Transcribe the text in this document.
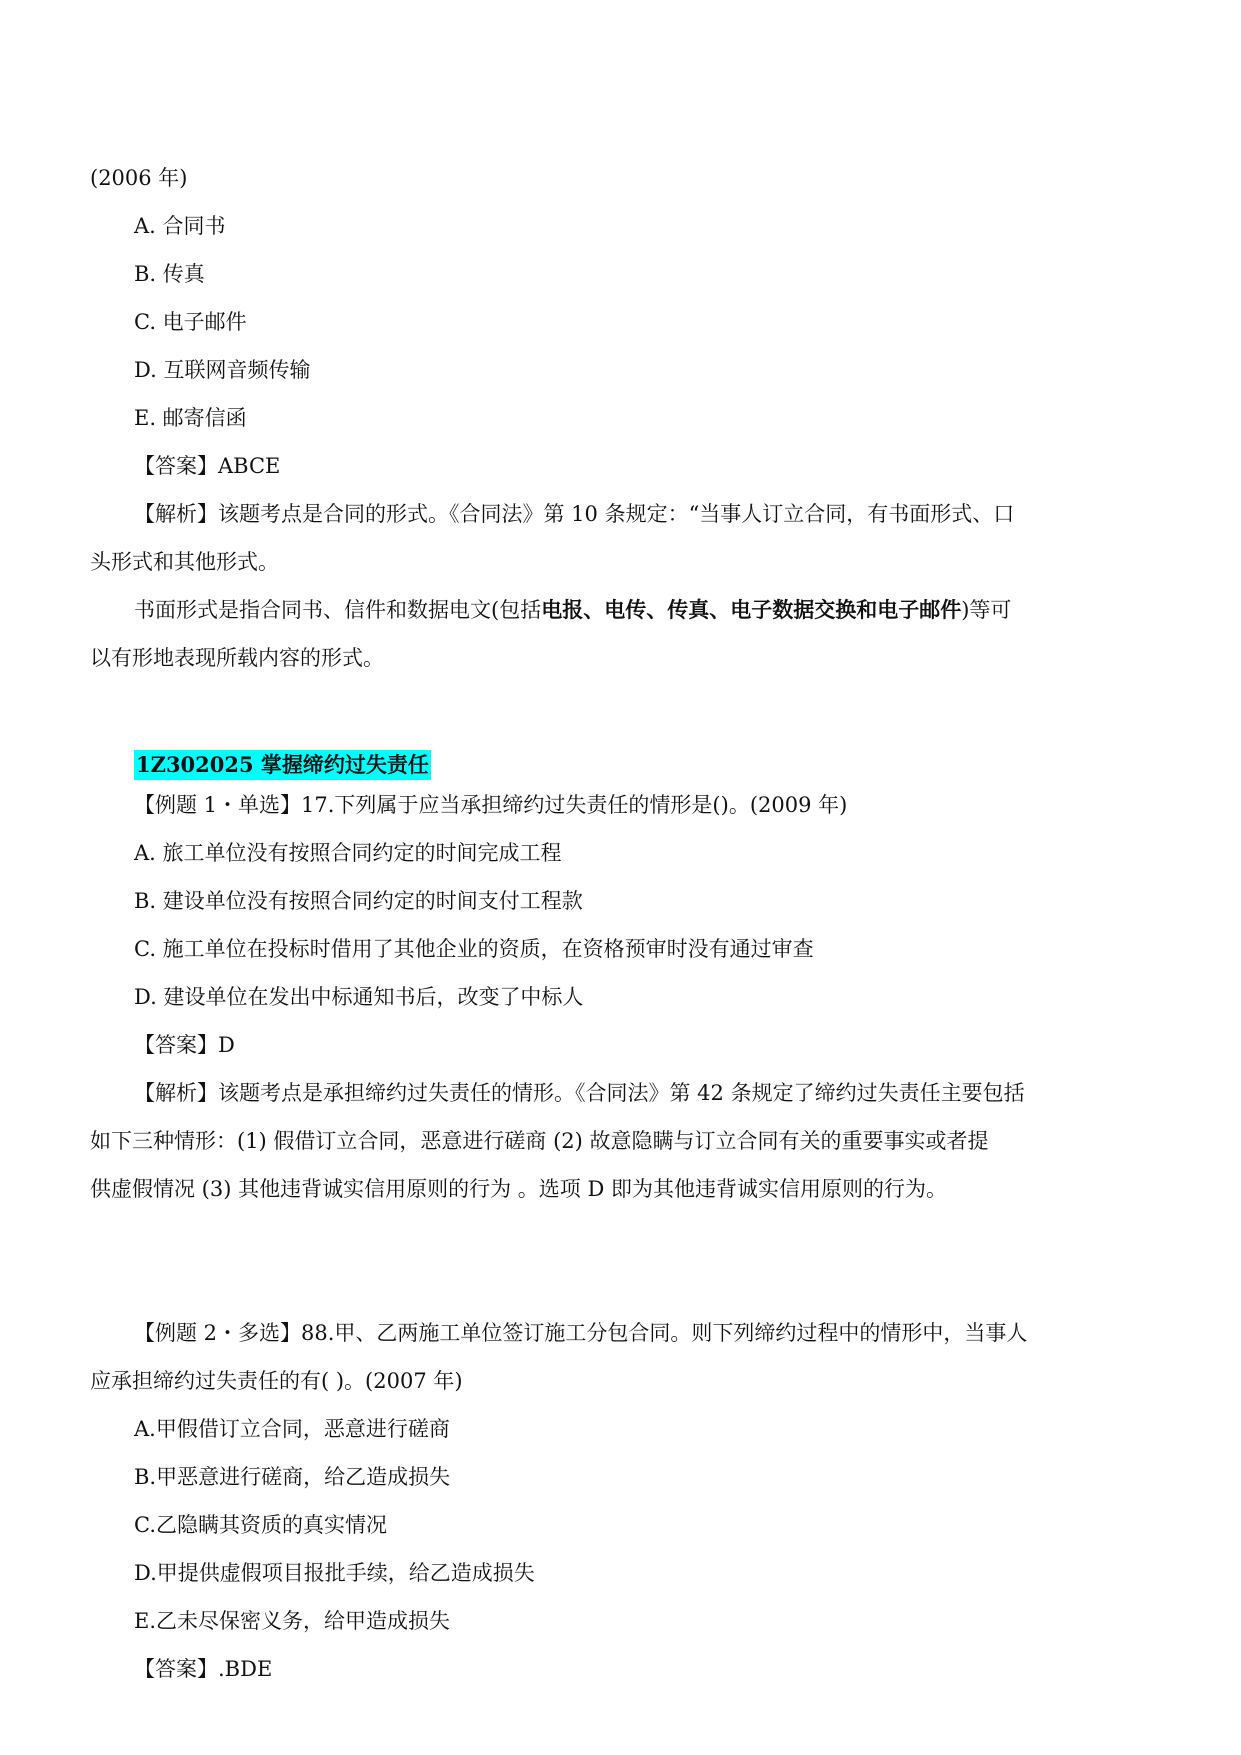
(2006 年)
A. 合同书
B. 传真
C. 电子邮件
D. 互联网音频传输
E. 邮寄信函
【答案】ABCE
【解析】该题考点是合同的形式。《合同法》第 10 条规定：“当事人订立合同，有书面形式、口
头形式和其他形式。
书面形式是指合同书、信件和数据电文(包括电报、电传、传真、电子数据交换和电子邮件)等可
以有形地表现所载内容的形式。
1Z302025 掌握缔约过失责任
【例题 1・单选】17.下列属于应当承担缔约过失责任的情形是()。(2009 年)
A. 旅工单位没有按照合同约定的时间完成工程
B. 建设单位没有按照合同约定的时间支付工程款
C. 施工单位在投标时借用了其他企业的资质，在资格预审时没有通过审查
D. 建设单位在发出中标通知书后，改变了中标人
【答案】D
【解析】该题考点是承担缔约过失责任的情形。《合同法》第 42 条规定了缔约过失责任主要包括
如下三种情形：(1) 假借订立合同，恶意进行磋商 (2) 故意隐瞒与订立合同有关的重要事实或者提
供虚假情况 (3) 其他违背诚实信用原则的行为 。选项 D 即为其他违背诚实信用原则的行为。
【例题 2・多选】88.甲、乙两施工单位签订施工分包合同。则下列缔约过程中的情形中，当事人
应承担缔约过失责任的有( )。(2007 年)
A.甲假借订立合同，恶意进行磋商
B.甲恶意进行磋商，给乙造成损失
C.乙隐瞒其资质的真实情况
D.甲提供虚假项目报批手续，给乙造成损失
E.乙未尽保密义务，给甲造成损失
【答案】.BDE
